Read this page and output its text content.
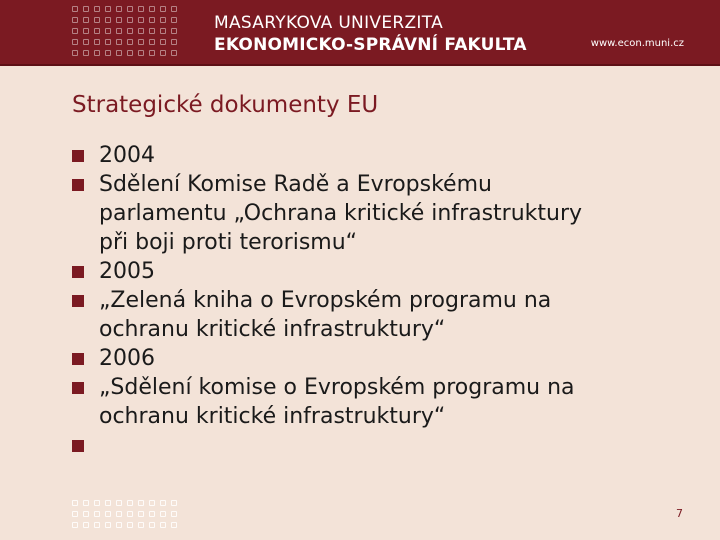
MASARYKOVA UNIVERZITA
EKONOMICKO-SPRÁVNÍ FAKULTA	www.econ.muni.cz
Strategické dokumenty EU
2004
Sdělení Komise Radě a Evropskému
parlamentu „Ochrana kritické infrastruktury
při boji proti terorismu“
2005
„Zelená kniha o Evropském programu na
ochranu kritické infrastruktury“
2006
„Sdělení komise o Evropském programu na
ochranu kritické infrastruktury“
7
